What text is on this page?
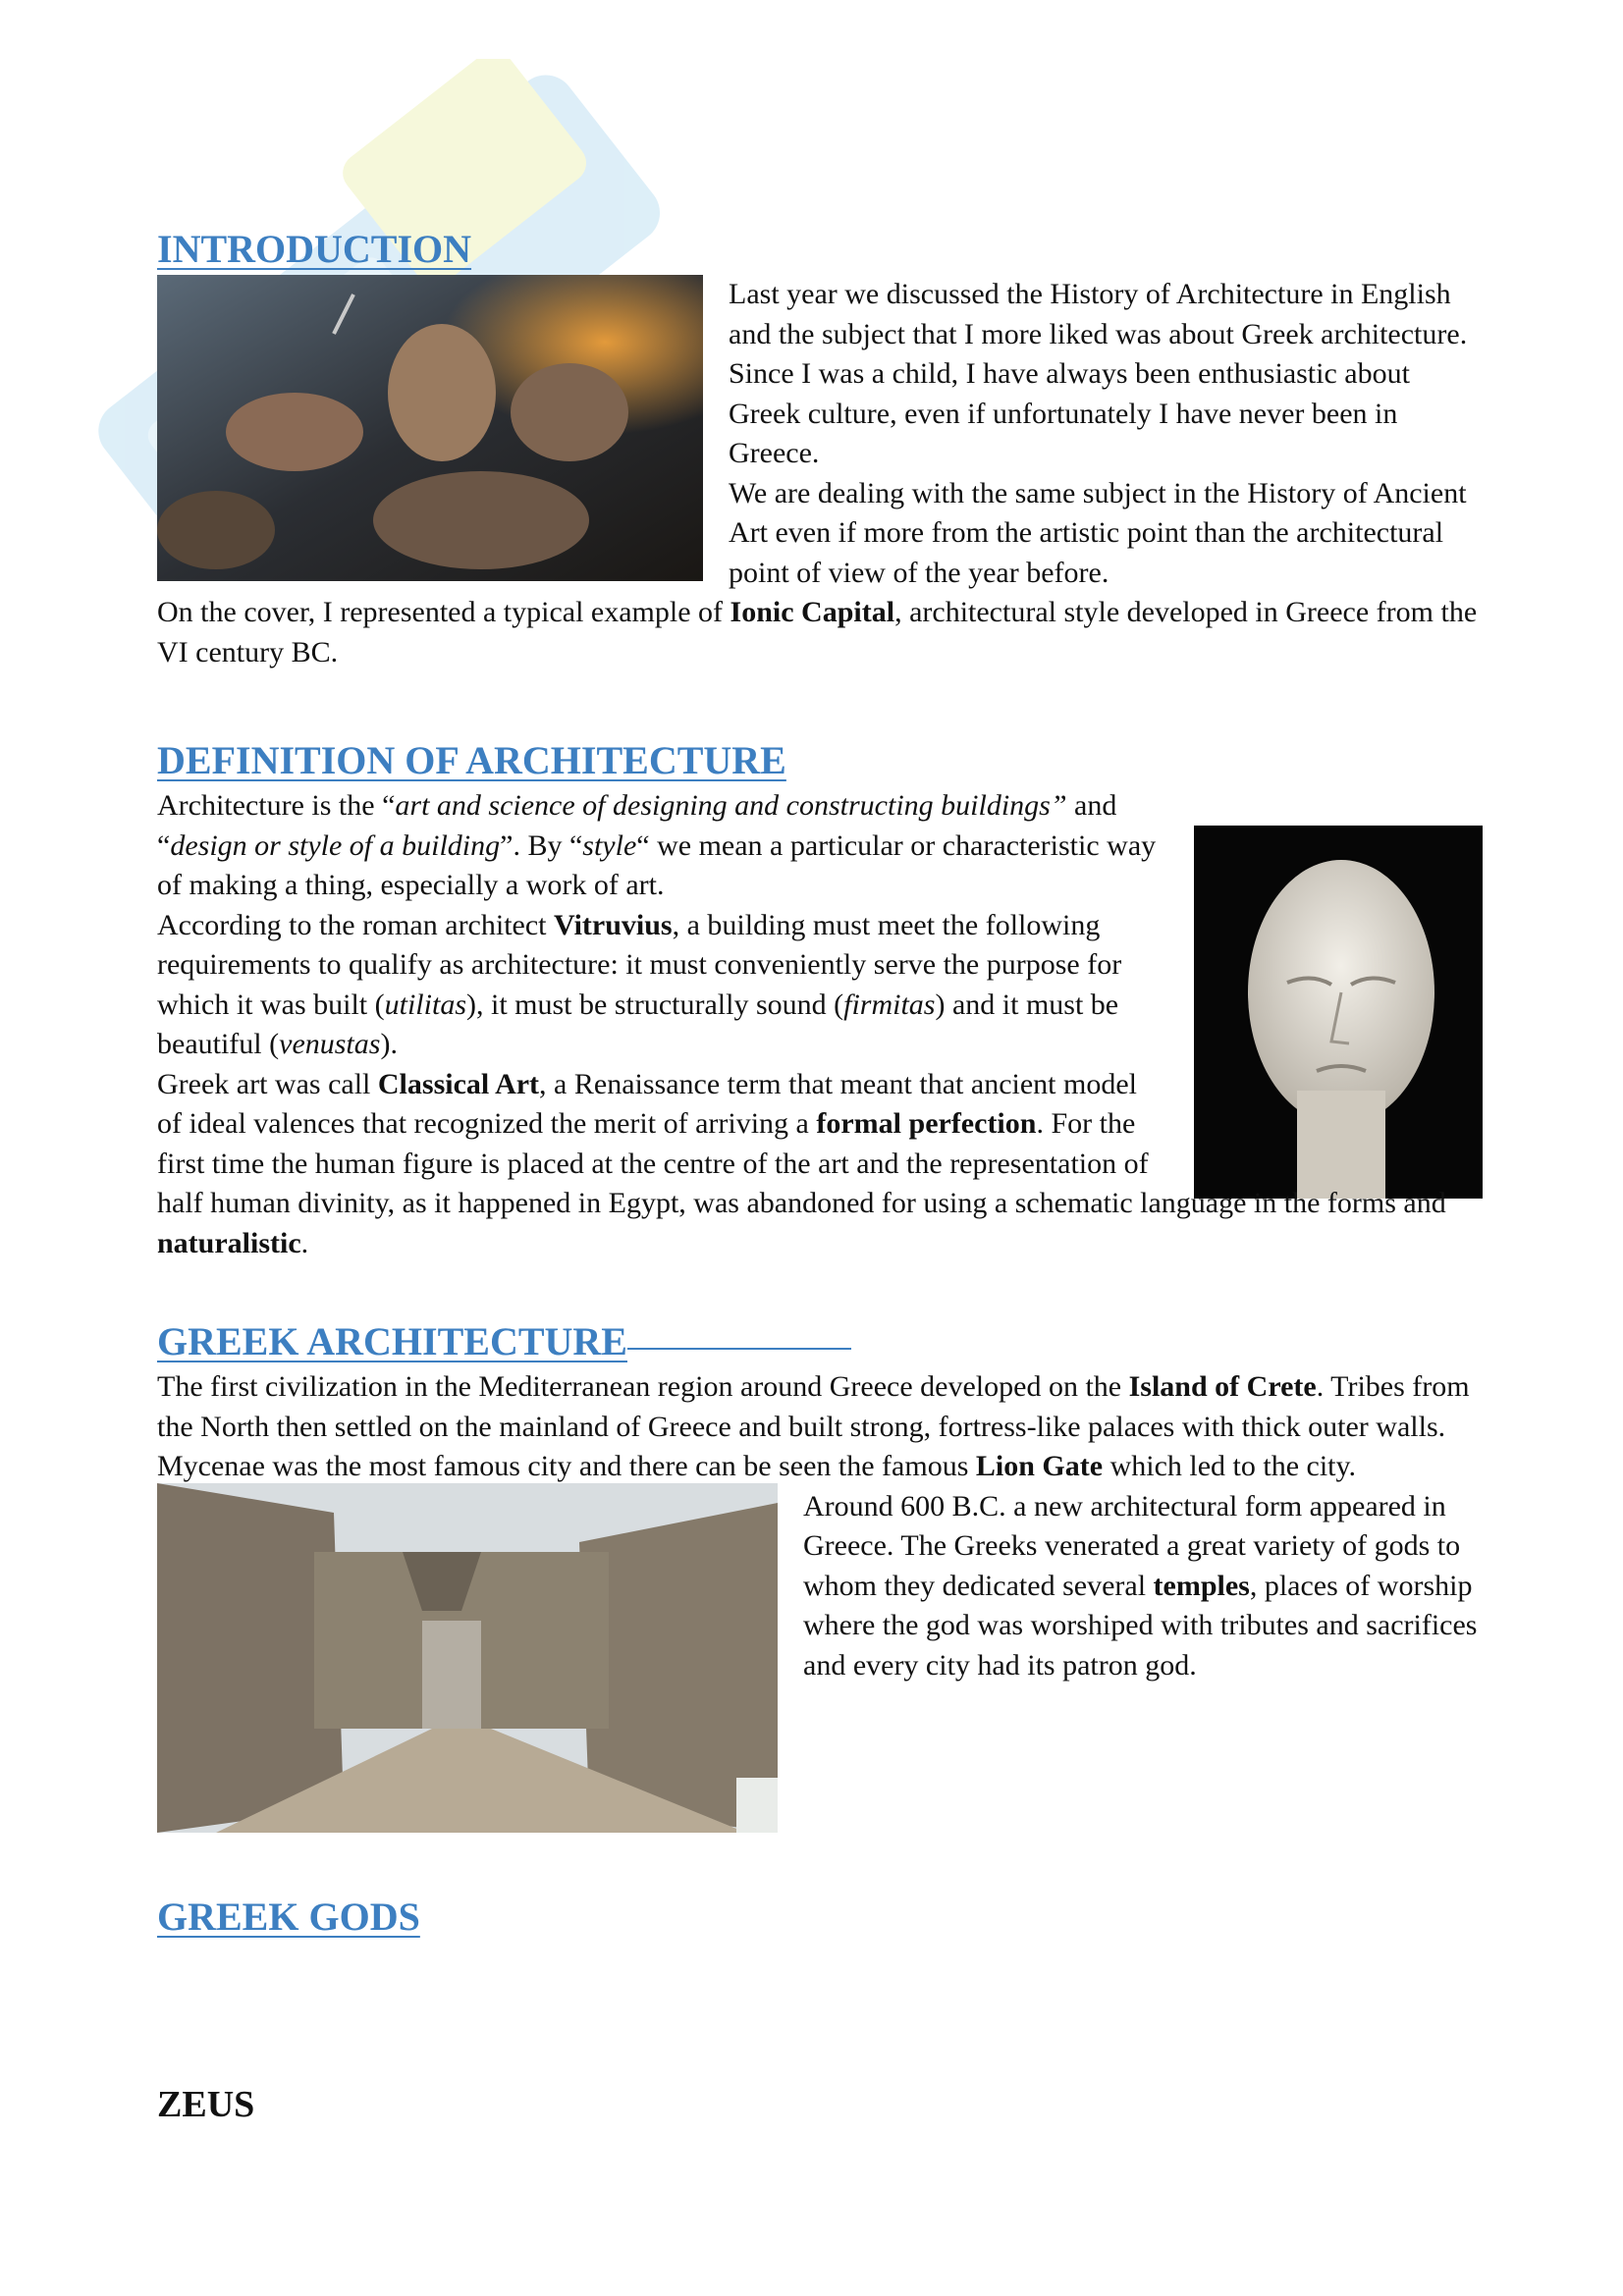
INTRODUCTION

Last year we discussed the History of Architecture in English and the subject that I more liked was about Greek architecture.

Since I was a child, I have always been enthusiastic about Greek culture, even if unfortunately I have never been in Greece.

We are dealing with the same subject in the History of Ancient Art even if more from the artistic point than the architectural point of view of the year before.

On the cover, I represented a typical example of Ionic Capital, architectural style developed in Greece from the VI century BC.

DEFINITION OF ARCHITECTURE

Architecture is the “art and science of designing and constructing buildings” and “design or style of a building”. By “style“ we mean a particular or characteristic way of making a thing, especially a work of art.

According to the roman architect Vitruvius, a building must meet the following requirements to qualify as architecture: it must conveniently serve the purpose for which it was built (utilitas), it must be structurally sound (firmitas) and it must be beautiful (venustas).

Greek art was call Classical Art, a Renaissance term that meant that ancient model of ideal valences that recognized the merit of arriving a formal perfection. For the first time the human figure is placed at the centre of the art and the representation of half human divinity, as it happened in Egypt, was abandoned for using a schematic language in the forms and naturalistic.

GREEK ARCHITECTURE

The first civilization in the Mediterranean region around Greece developed on the Island of Crete. Tribes from the North then settled on the mainland of Greece and built strong, fortress-like palaces with thick outer walls. Mycenae was the most famous city and there can be seen the famous Lion Gate which led to the city.

Around 600 B.C. a new architectural form appeared in Greece. The Greeks venerated a great variety of gods to whom they dedicated several temples, places of worship where the god was worshiped with tributes and sacrifices and every city had its patron god.

GREEK GODS
ZEUS
